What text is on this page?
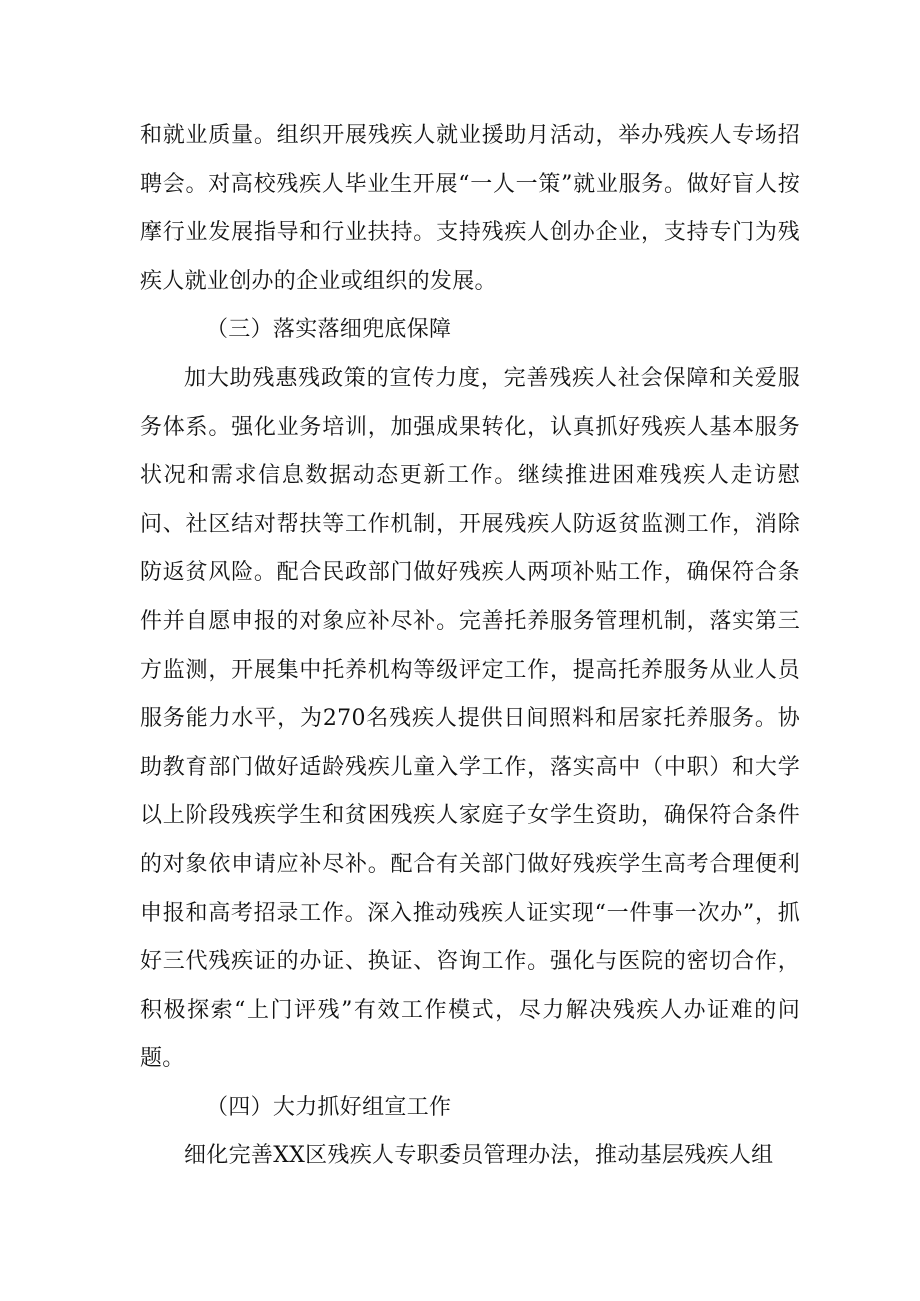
和就业质量。组织开展残疾人就业援助月活动，举办残疾人专场招聘会。对高校残疾人毕业生开展“一人一策”就业服务。做好盲人按摩行业发展指导和行业扶持。支持残疾人创办企业，支持专门为残疾人就业创办的企业或组织的发展。

（三）落实落细兜底保障

加大助残惠残政策的宣传力度，完善残疾人社会保障和关爱服务体系。强化业务培训，加强成果转化，认真抓好残疾人基本服务状况和需求信息数据动态更新工作。继续推进困难残疾人走访慰问、社区结对帮扶等工作机制，开展残疾人防返贫监测工作，消除防返贫风险。配合民政部门做好残疾人两项补贴工作，确保符合条件并自愿申报的对象应补尽补。完善托养服务管理机制，落实第三方监测，开展集中托养机构等级评定工作，提高托养服务从业人员服务能力水平，为270名残疾人提供日间照料和居家托养服务。协助教育部门做好适龄残疾儿童入学工作，落实高中（中职）和大学以上阶段残疾学生和贫困残疾人家庭子女学生资助，确保符合条件的对象依申请应补尽补。配合有关部门做好残疾学生高考合理便利申报和高考招录工作。深入推动残疾人证实现“一件事一次办”，抓好三代残疾证的办证、换证、咨询工作。强化与医院的密切合作，积极探索“上门评残”有效工作模式，尽力解决残疾人办证难的问题。

（四）大力抓好组宣工作

细化完善XX区残疾人专职委员管理办法，推动基层残疾人组
